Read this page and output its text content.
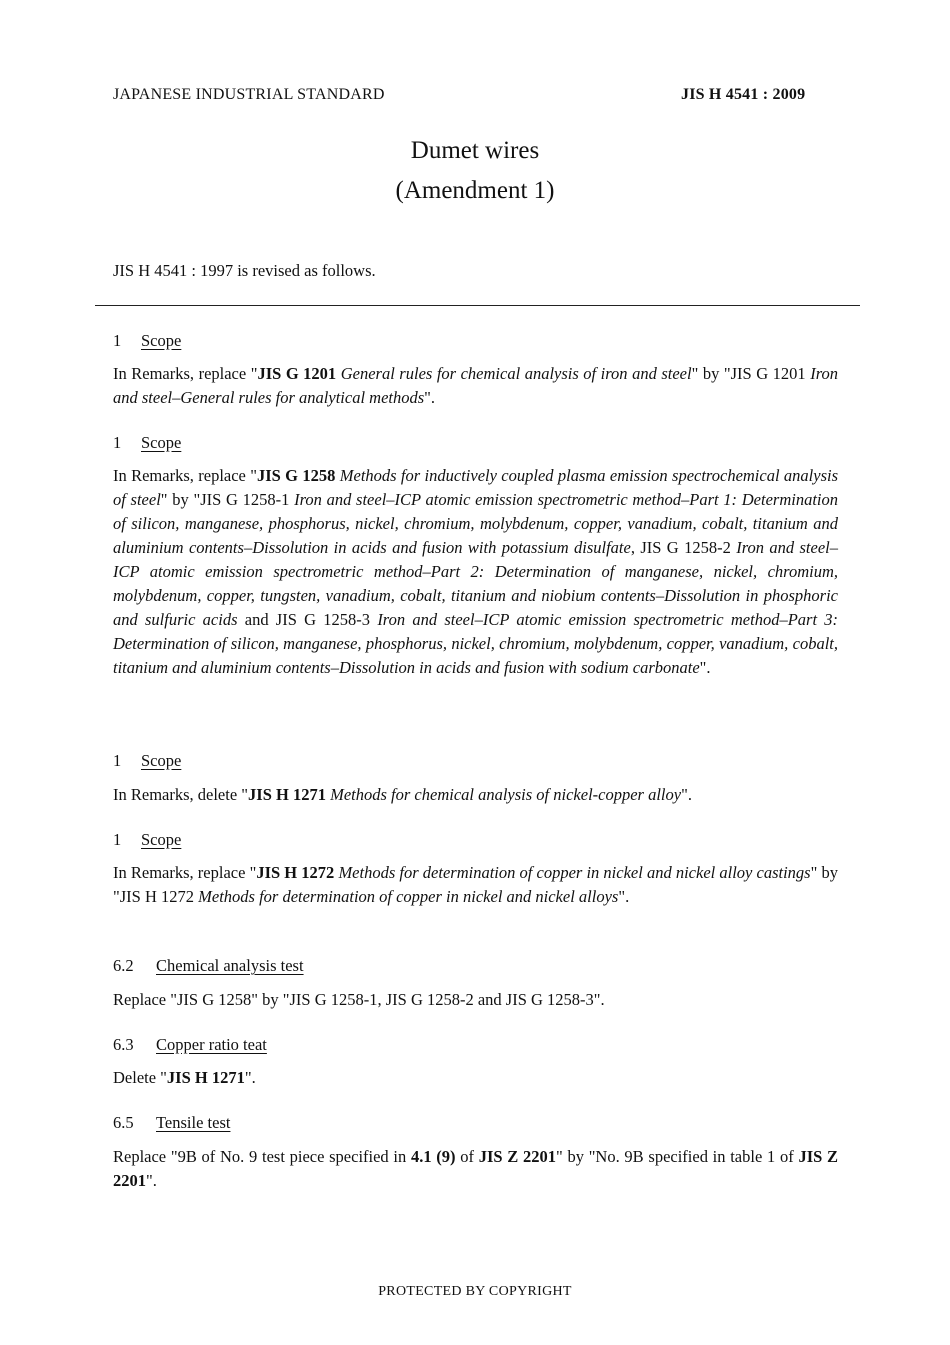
JAPANESE INDUSTRIAL STANDARD	JIS H 4541 : 2009
Dumet wires
(Amendment 1)
JIS H 4541 : 1997 is revised as follows.
1 Scope
In Remarks, replace "JIS G 1201 General rules for chemical analysis of iron and steel" by "JIS G 1201 Iron and steel–General rules for analytical methods".
1 Scope
In Remarks, replace "JIS G 1258 Methods for inductively coupled plasma emission spectrochemical analysis of steel" by "JIS G 1258-1 Iron and steel–ICP atomic emission spectrometric method–Part 1: Determination of silicon, manganese, phosphorus, nickel, chromium, molybdenum, copper, vanadium, cobalt, titanium and aluminium contents–Dissolution in acids and fusion with potassium disulfate, JIS G 1258-2 Iron and steel–ICP atomic emission spectrometric method–Part 2: Determination of manganese, nickel, chromium, molybdenum, copper, tungsten, vanadium, cobalt, titanium and niobium contents–Dissolution in phosphoric and sulfuric acids and JIS G 1258-3 Iron and steel–ICP atomic emission spectrometric method–Part 3: Determination of silicon, manganese, phosphorus, nickel, chromium, molybdenum, copper, vanadium, cobalt, titanium and aluminium contents–Dissolution in acids and fusion with sodium carbonate".
1 Scope
In Remarks, delete "JIS H 1271 Methods for chemical analysis of nickel-copper alloy".
1 Scope
In Remarks, replace "JIS H 1272 Methods for determination of copper in nickel and nickel alloy castings" by "JIS H 1272 Methods for determination of copper in nickel and nickel alloys".
6.2 Chemical analysis test
Replace "JIS G 1258" by "JIS G 1258-1, JIS G 1258-2 and JIS G 1258-3".
6.3 Copper ratio teat
Delete "JIS H 1271".
6.5 Tensile test
Replace "9B of No. 9 test piece specified in 4.1 (9) of JIS Z 2201" by "No. 9B specified in table 1 of JIS Z 2201".
PROTECTED BY COPYRIGHT
